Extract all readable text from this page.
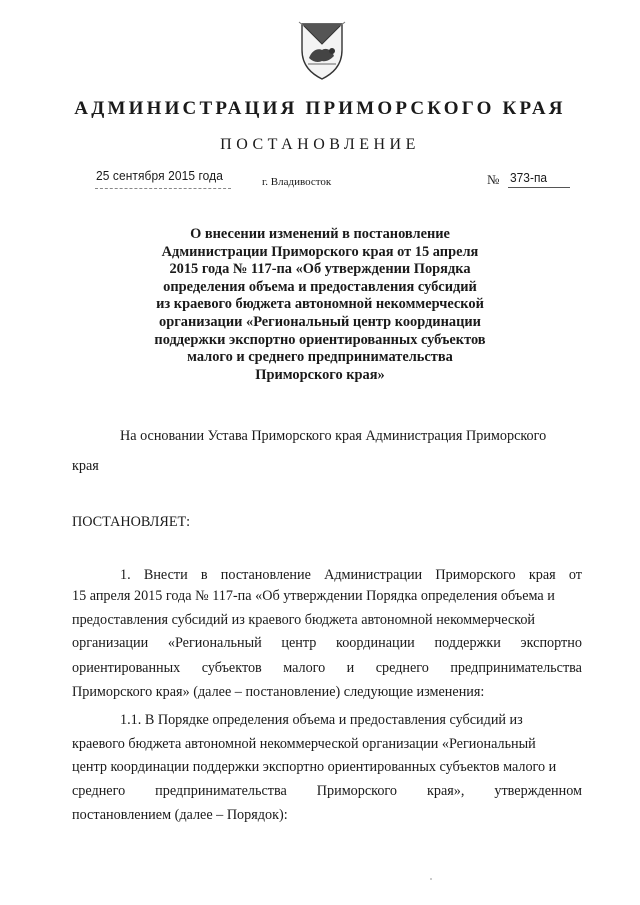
АДМИНИСТРАЦИЯ ПРИМОРСКОГО КРАЯ
ПОСТАНОВЛЕНИЕ
25 сентября 2015 года	г. Владивосток	№ 373-па
О внесении изменений в постановление
Администрации Приморского края от 15 апреля
2015 года № 117-па «Об утверждении Порядка
определения объема и предоставления субсидий
из краевого бюджета автономной некоммерческой
организации «Региональный центр координации
поддержки экспортно ориентированных субъектов
малого и среднего предпринимательства
Приморского края»
На основании Устава Приморского края Администрация Приморского
края
ПОСТАНОВЛЯЕТ:
1. Внести в постановление Администрации Приморского края от
15 апреля 2015 года № 117-па «Об утверждении Порядка определения объема и
предоставления субсидий из краевого бюджета автономной некоммерческой
организации «Региональный центр координации поддержки экспортно
ориентированных субъектов малого и среднего предпринимательства
Приморского края» (далее – постановление) следующие изменения:
1.1. В Порядке определения объема и предоставления субсидий из
краевого бюджета автономной некоммерческой организации «Региональный
центр координации поддержки экспортно ориентированных субъектов малого и
среднего предпринимательства Приморского края», утвержденном
постановлением (далее – Порядок):
